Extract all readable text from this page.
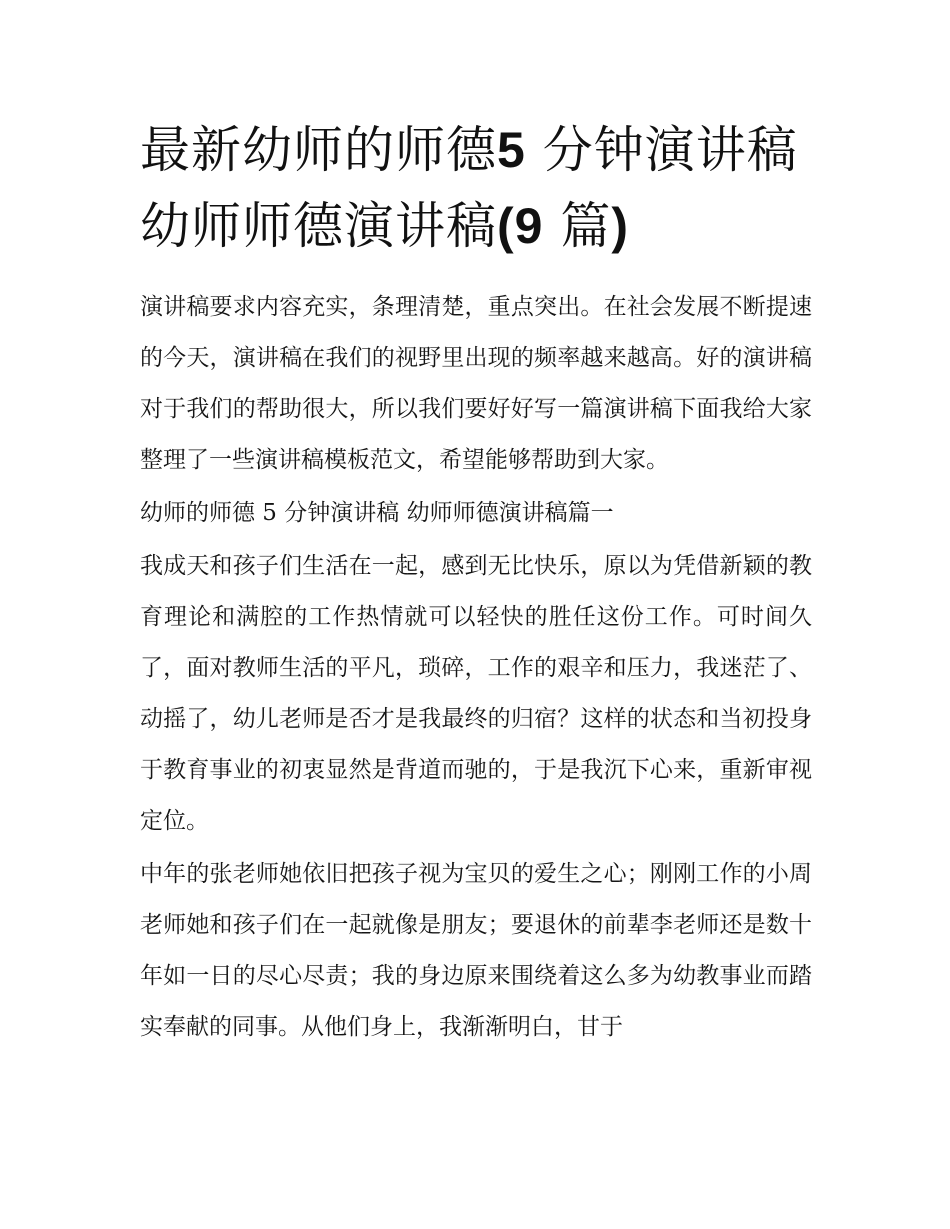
最新幼师的师德5 分钟演讲稿
幼师师德演讲稿(9 篇)

演讲稿要求内容充实，条理清楚，重点突出。在社会发展不断提速的今天，演讲稿在我们的视野里出现的频率越来越高。好的演讲稿对于我们的帮助很大，所以我们要好好写一篇演讲稿下面我给大家整理了一些演讲稿模板范文，希望能够帮助到大家。

幼师的师德 5 分钟演讲稿 幼师师德演讲稿篇一

我成天和孩子们生活在一起，感到无比快乐，原以为凭借新颖的教育理论和满腔的工作热情就可以轻快的胜任这份工作。可时间久了，面对教师生活的平凡，琐碎，工作的艰辛和压力，我迷茫了、动摇了，幼儿老师是否才是我最终的归宿？这样的状态和当初投身于教育事业的初衷显然是背道而驰的，于是我沉下心来，重新审视定位。

中年的张老师她依旧把孩子视为宝贝的爱生之心；刚刚工作的小周老师她和孩子们在一起就像是朋友；要退休的前辈李老师还是数十年如一日的尽心尽责；我的身边原来围绕着这么多为幼教事业而踏实奉献的同事。从他们身上，我渐渐明白，甘于
